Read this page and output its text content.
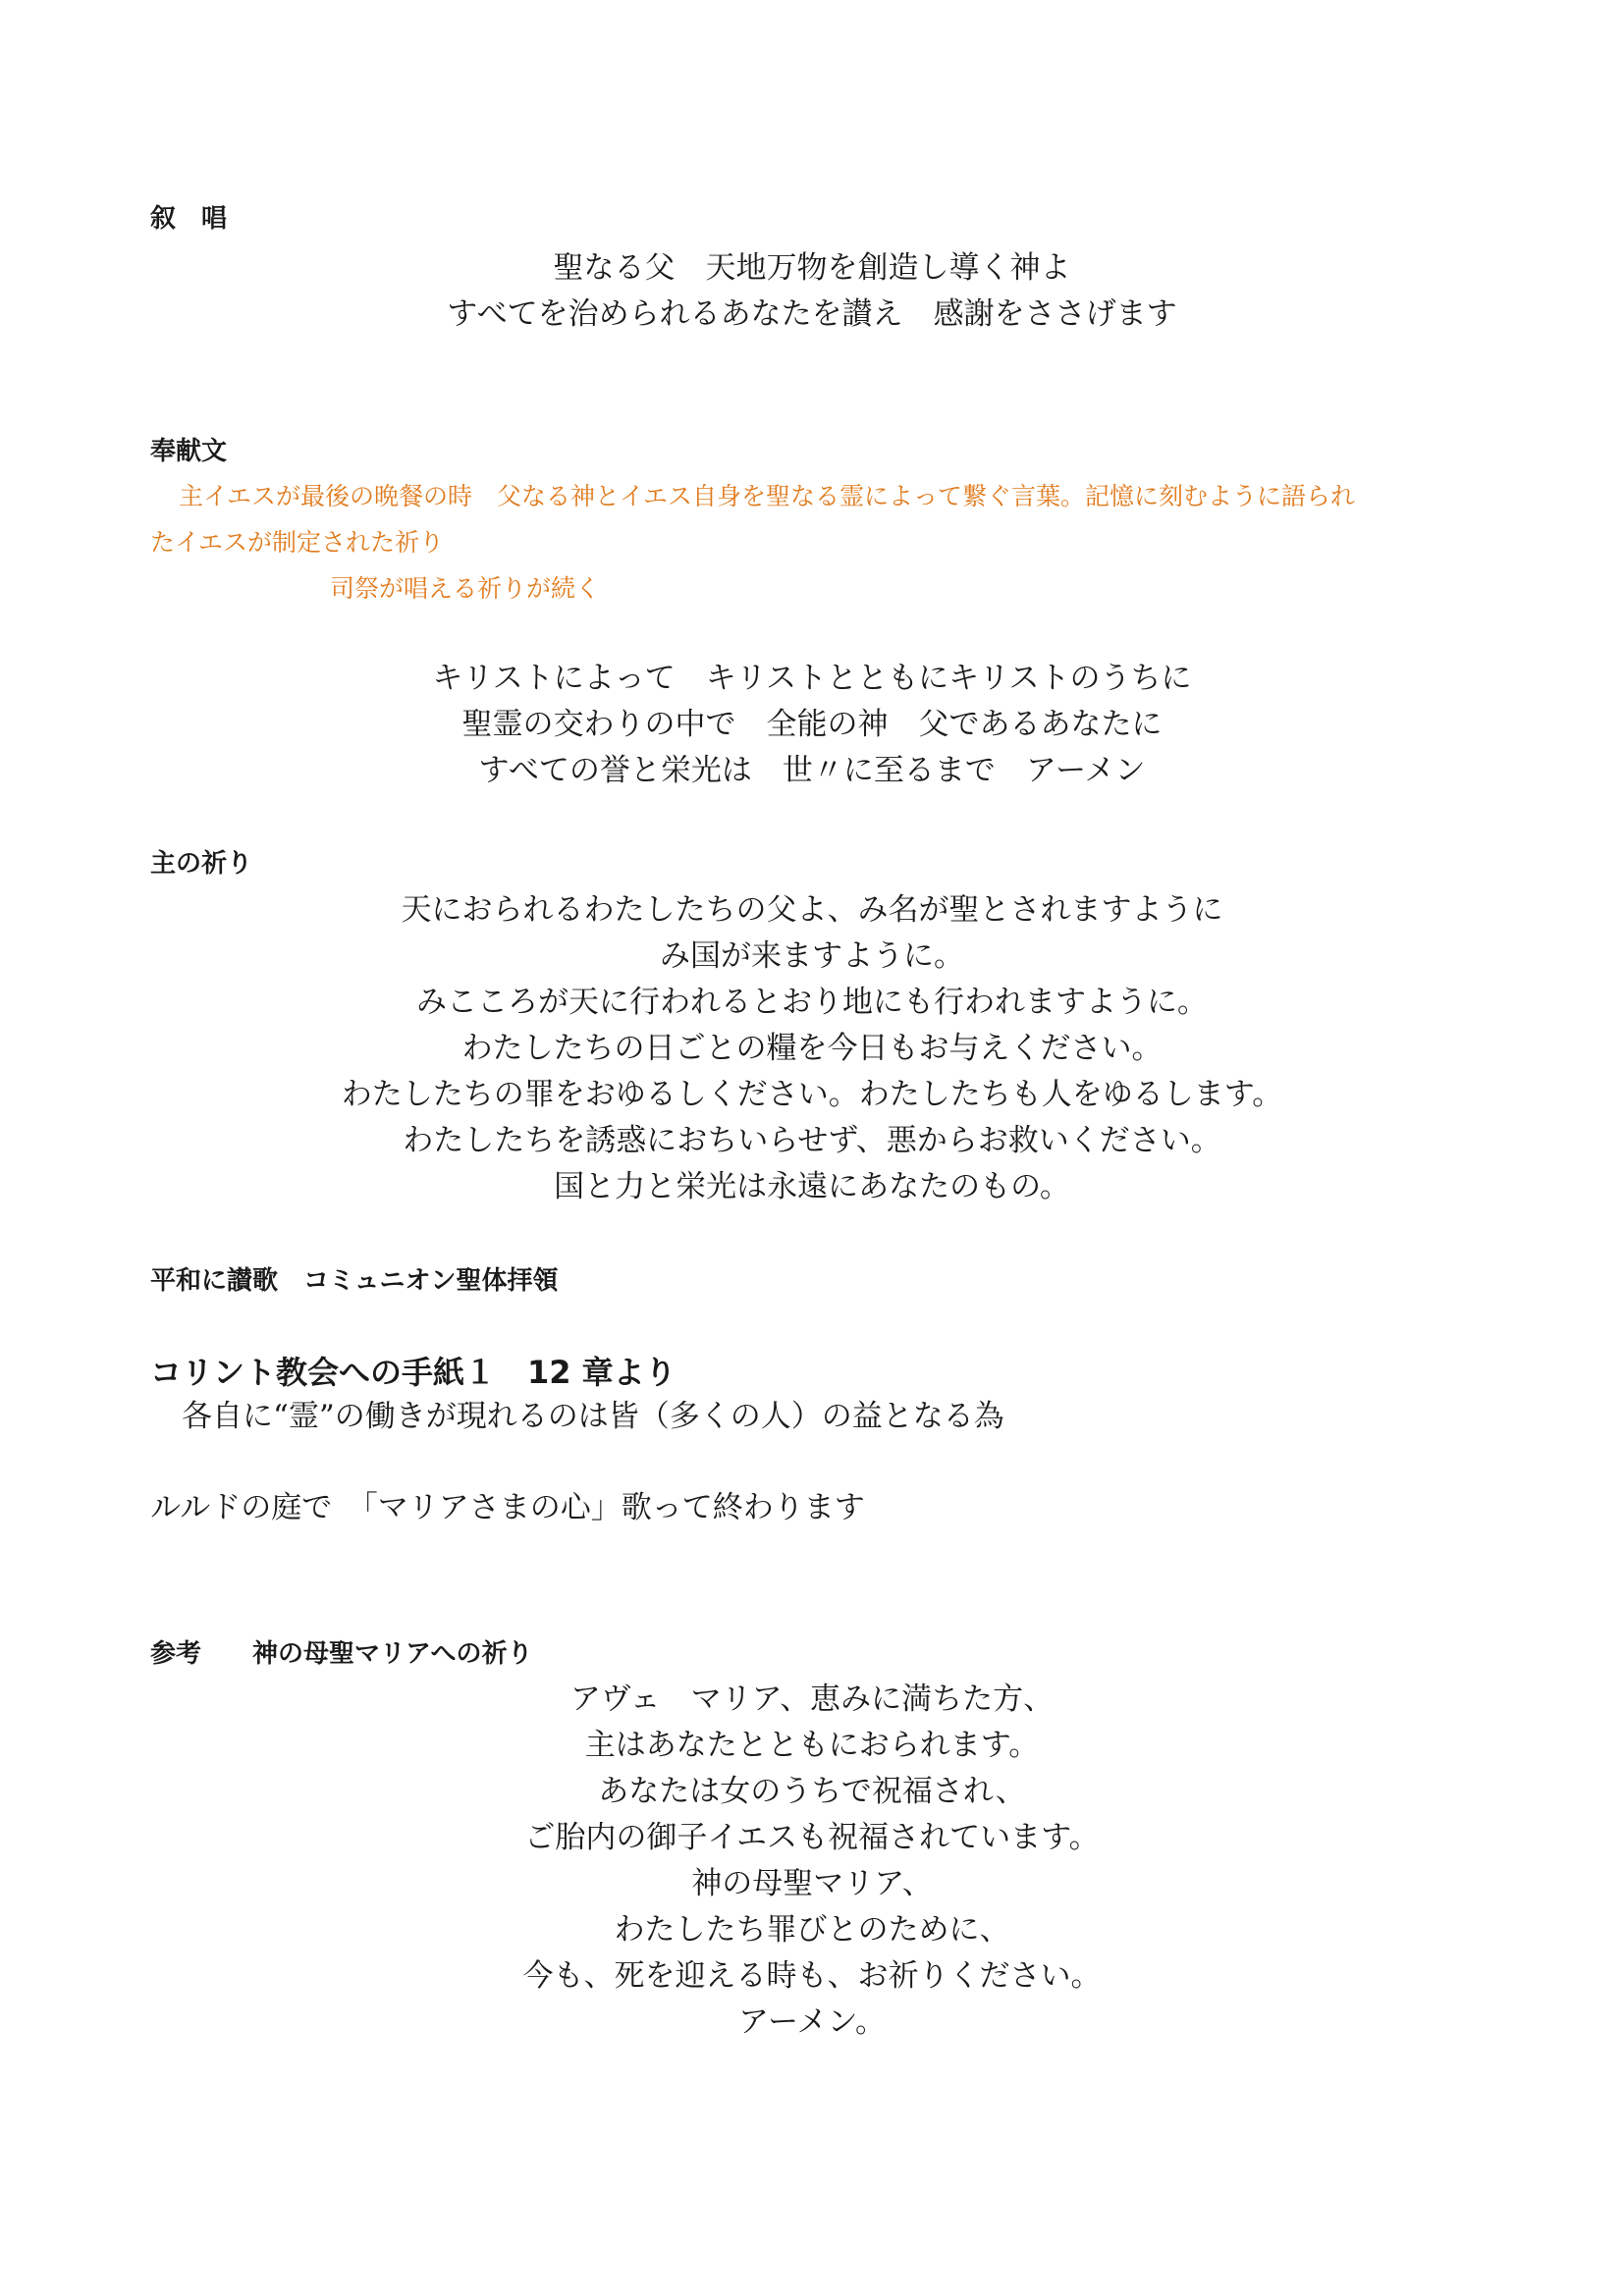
叙　唱
聖なる父　天地万物を創造し導く神よ
すべてを治められるあなたを讃え　感謝をささげます
奉献文
主イエスが最後の晩餐の時　父なる神とイエス自身を聖なる霊によって繋ぐ言葉。記憶に刻むように語られ
たイエスが制定された祈り
司祭が唱える祈りが続く
キリストによって　キリストとともにキリストのうちに
聖霊の交わりの中で　全能の神　父であるあなたに
すべての誉と栄光は　世〃に至るまで　アーメン
主の祈り
天におられるわたしたちの父よ、み名が聖とされますように
み国が来ますように。
みこころが天に行われるとおり地にも行われますように。
わたしたちの日ごとの糧を今日もお与えください。
わたしたちの罪をおゆるしください。わたしたちも人をゆるします。
わたしたちを誘惑におちいらせず、悪からお救いください。
国と力と栄光は永遠にあなたのもの。
平和に讃歌　コミュニオン聖体拝領
コリント教会への手紙１　12 章より
各自に“霊”の働きが現れるのは皆（多くの人）の益となる為
ルルドの庭で　「マリアさまの心」歌って終わります
参考　　神の母聖マリアへの祈り
アヴェ　マリア、恵みに満ちた方、
主はあなたとともにおられます。
あなたは女のうちで祝福され、
ご胎内の御子イエスも祝福されています。
神の母聖マリア、
わたしたち罪びとのために、
今も、死を迎える時も、お祈りください。
アーメン。
